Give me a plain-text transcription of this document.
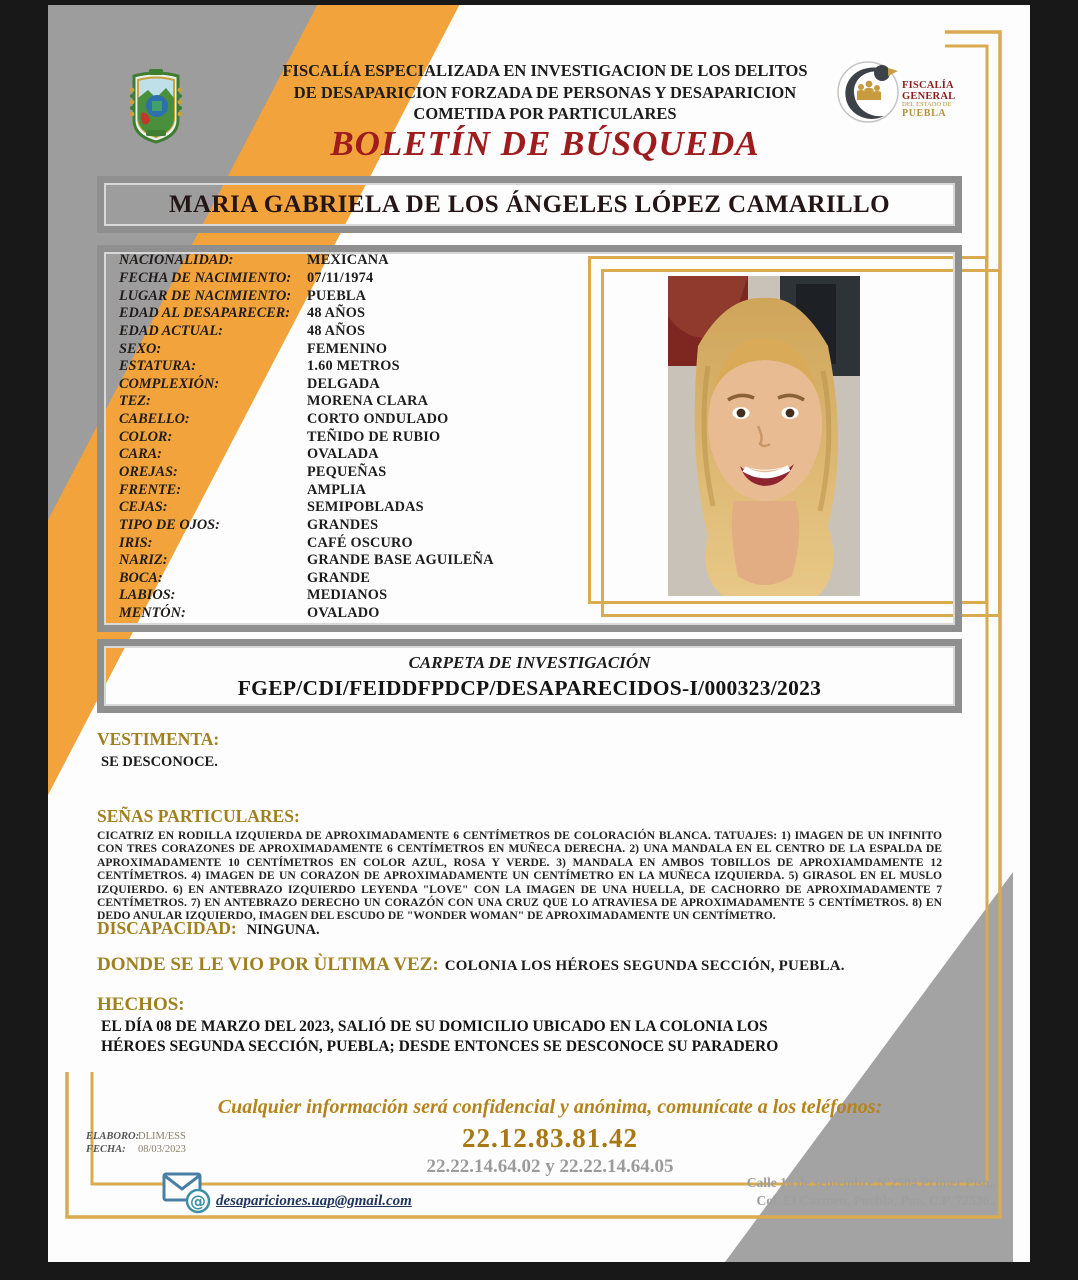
FISCALÍA ESPECIALIZADA EN INVESTIGACION DE LOS DELITOS
DE DESAPARICION FORZADA DE PERSONAS Y DESAPARICION
COMETIDA POR PARTICULARES
BOLETÍN DE BÚSQUEDA
FISCALÍA GENERAL
DEL ESTADO DE
PUEBLA
MARIA GABRIELA DE LOS ÁNGELES LÓPEZ CAMARILLO
NACIONALIDAD:	MEXICANA
FECHA DE NACIMIENTO:	07/11/1974
LUGAR DE NACIMIENTO:	PUEBLA
EDAD AL DESAPARECER:	48 AÑOS
EDAD ACTUAL:	48 AÑOS
SEXO:	FEMENINO
ESTATURA:	1.60 METROS
COMPLEXIÓN:	DELGADA
TEZ:	MORENA CLARA
CABELLO:	CORTO ONDULADO
COLOR:	TEÑIDO DE RUBIO
CARA:	OVALADA
OREJAS:	PEQUEÑAS
FRENTE:	AMPLIA
CEJAS:	SEMIPOBLADAS
TIPO DE OJOS:	GRANDES
IRIS:	CAFÉ OSCURO
NARIZ:	GRANDE BASE AGUILEÑA
BOCA:	GRANDE
LABIOS:	MEDIANOS
MENTÓN:	OVALADO
CARPETA DE INVESTIGACIÓN
FGEP/CDI/FEIDDFPDCP/DESAPARECIDOS-I/000323/2023
VESTIMENTA:
SE DESCONOCE.
SEÑAS PARTICULARES:
CICATRIZ EN RODILLA IZQUIERDA DE APROXIMADAMENTE 6 CENTÍMETROS DE COLORACIÓN BLANCA. TATUAJES: 1) IMAGEN DE UN INFINITO CON TRES CORAZONES DE APROXIMADAMENTE 6 CENTÍMETROS EN MUÑECA DERECHA. 2) UNA MANDALA EN EL CENTRO DE LA ESPALDA DE APROXIMADAMENTE 10 CENTÍMETROS EN COLOR AZUL, ROSA Y VERDE. 3) MANDALA EN AMBOS TOBILLOS DE APROXIAMDAMENTE 12 CENTÍMETROS. 4) IMAGEN DE UN CORAZON DE APROXIMADAMENTE UN CENTÍMETRO EN LA MUÑECA IZQUIERDA. 5) GIRASOL EN EL MUSLO IZQUIERDO. 6) EN ANTEBRAZO IZQUIERDO LEYENDA "LOVE" CON LA IMAGEN DE UNA HUELLA, DE CACHORRO DE APROXIMADAMENTE 7 CENTÍMETROS. 7) EN ANTEBRAZO DERECHO UN CORAZÓN CON UNA CRUZ QUE LO ATRAVIESA DE APROXIMADAMENTE 5 CENTÍMETROS. 8) EN DEDO ANULAR IZQUIERDO, IMAGEN DEL ESCUDO DE "WONDER WOMAN" DE APROXIMADAMENTE UN CENTÍMETRO.
DISCAPACIDAD: NINGUNA.
DONDE SE LE VIO POR ÙLTIMA VEZ: COLONIA LOS HÉROES SEGUNDA SECCIÓN, PUEBLA.
HECHOS:
EL DÍA 08 DE MARZO DEL 2023, SALIÓ DE SU DOMICILIO UBICADO EN LA COLONIA LOS HÉROES SEGUNDA SECCIÓN, PUEBLA; DESDE ENTONCES SE DESCONOCE SU PARADERO
Cualquier información será confidencial y anónima, comunícate a los teléfonos:
22.12.83.81.42
22.22.14.64.02 y 22.22.14.64.05
ELABORO:
DLIM/ESS
FECHA:	08/03/2023
@ desapariciones.uap@gmail.com
Calle 16 de septembre N'2904 Primer Piso,.
Col. El Carmen, Puebla, Pue. C.P. 72530..
